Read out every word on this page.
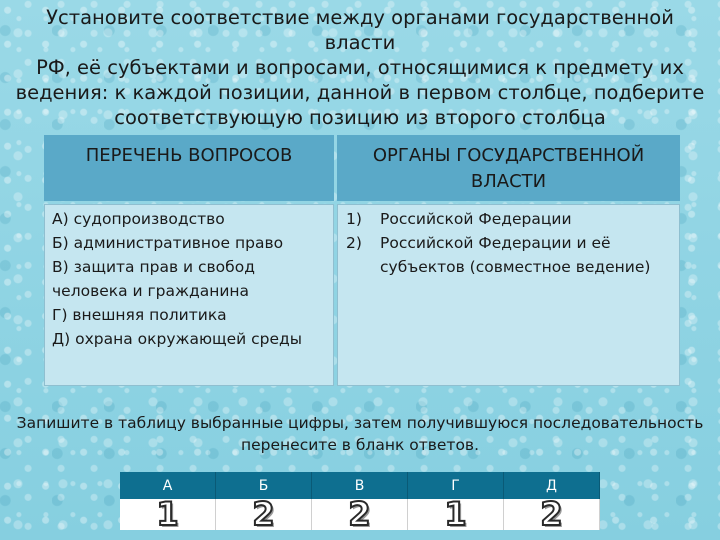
Установите соответствие между органами государственной власти
РФ, её субъектами и вопросами, относящимися к предмету их
ведения: к каждой позиции, данной в первом столбце, подберите
соответствующую позицию из второго столбца
ПЕРЕЧЕНЬ ВОПРОСОВ	ОРГАНЫ ГОСУДАРСТВЕННОЙ
ВЛАСТИ
А) судопроизводство
Б) административное право
В) защита прав и свобод
человека и гражданина
Г) внешняя политика
Д) охрана окружающей среды
1) Российской Федерации
2) Российской Федерации и её
субъектов (совместное ведение)
Запишите в таблицу выбранные цифры, затем получившуюся последовательность
перенесите в бланк ответов.
А	Б	В	Г	Д
1	2	2	1	2
